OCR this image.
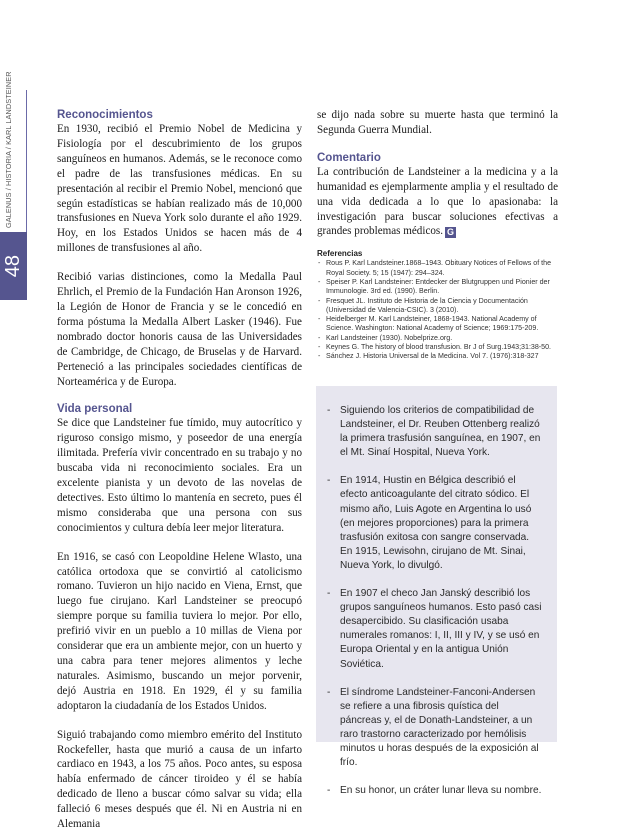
GALENUS / HISTORIA / KARL LANDSTEINER
48
Reconocimientos

En 1930, recibió el Premio Nobel de Medicina y Fisiología por el descubrimiento de los grupos sanguíneos en humanos. Además, se le reconoce como el padre de las transfusiones médicas. En su presentación al recibir el Premio Nobel, mencionó que según estadísticas se habían realizado más de 10,000 transfusiones en Nueva York solo durante el año 1929. Hoy, en los Estados Unidos se hacen más de 4 millones de transfusiones al año.

Recibió varias distinciones, como la Medalla Paul Ehrlich, el Premio de la Fundación Han Aronson 1926, la Legión de Honor de Francia y se le concedió en forma póstuma la Medalla Albert Lasker (1946). Fue nombrado doctor honoris causa de las Universidades de Cambridge, de Chicago, de Bruselas y de Harvard. Perteneció a las principales sociedades científicas de Norteamérica y de Europa.

Vida personal

Se dice que Landsteiner fue tímido, muy autocrítico y riguroso consigo mismo, y poseedor de una energía ilimitada. Prefería vivir concentrado en su trabajo y no buscaba vida ni reconocimiento sociales. Era un excelente pianista y un devoto de las novelas de detectives. Esto último lo mantenía en secreto, pues él mismo consideraba que una persona con sus conocimientos y cultura debía leer mejor literatura.

En 1916, se casó con Leopoldine Helene Wlasto, una católica ortodoxa que se convirtió al catolicismo romano. Tuvieron un hijo nacido en Viena, Ernst, que luego fue cirujano. Karl Landsteiner se preocupó siempre porque su familia tuviera lo mejor. Por ello, prefirió vivir en un pueblo a 10 millas de Viena por considerar que era un ambiente mejor, con un huerto y una cabra para tener mejores alimentos y leche naturales. Asimismo, buscando un mejor porvenir, dejó Austria en 1918. En 1929, él y su familia adoptaron la ciudadanía de los Estados Unidos.

Siguió trabajando como miembro emérito del Instituto Rockefeller, hasta que murió a causa de un infarto cardiaco en 1943, a los 75 años. Poco antes, su esposa había enfermado de cáncer tiroideo y él se había dedicado de lleno a buscar cómo salvar su vida; ella falleció 6 meses después que él. Ni en Austria ni en Alemania

se dijo nada sobre su muerte hasta que terminó la Segunda Guerra Mundial.

Comentario

La contribución de Landsteiner a la medicina y a la humanidad es ejemplarmente amplia y el resultado de una vida dedicada a lo que lo apasionaba: la investigación para buscar soluciones efectivas a grandes problemas médicos. G

Referencias
- Rous P. Karl Landsteiner.1868–1943. Obituary Notices of Fellows of the Royal Society. 5; 15 (1947): 294–324.
- Speiser P. Karl Landsteiner: Entdecker der Blutgruppen und Pionier der Immunologie. 3rd ed. (1990). Berlin.
- Fresquet JL. Instituto de Historia de la Ciencia y Documentación (Universidad de Valencia-CSIC). 3 (2010).
- Heidelberger M. Karl Landsteiner, 1868-1943. National Academy of Science. Washington: National Academy of Science; 1969:175-209.
- Karl Landsteiner (1930). Nobelprize.org.
- Keynes G. The history of blood transfusion. Br J of Surg.1943;31:38-50.
- Sánchez J. Historia Universal de la Medicina. Vol 7. (1976):318-327
- Siguiendo los criterios de compatibilidad de Landsteiner, el Dr. Reuben Ottenberg realizó la primera trasfusión sanguínea, en 1907, en el Mt. Sinaí Hospital, Nueva York.
- En 1914, Hustin en Bélgica describió el efecto anticoagulante del citrato sódico. El mismo año, Luis Agote en Argentina lo usó (en mejores proporciones) para la primera trasfusión exitosa con sangre conservada. En 1915, Lewisohn, cirujano de Mt. Sinai, Nueva York, lo divulgó.
- En 1907 el checo Jan Janský describió los grupos sanguíneos humanos. Esto pasó casi desapercibido. Su clasificación usaba numerales romanos: I, II, III y IV, y se usó en Europa Oriental y en la antigua Unión Soviética.
- El síndrome Landsteiner-Fanconi-Andersen se refiere a una fibrosis quística del páncreas y, el de Donath-Landsteiner, a un raro trastorno caracterizado por hemólisis minutos u horas después de la exposición al frío.
- En su honor, un cráter lunar lleva su nombre.
